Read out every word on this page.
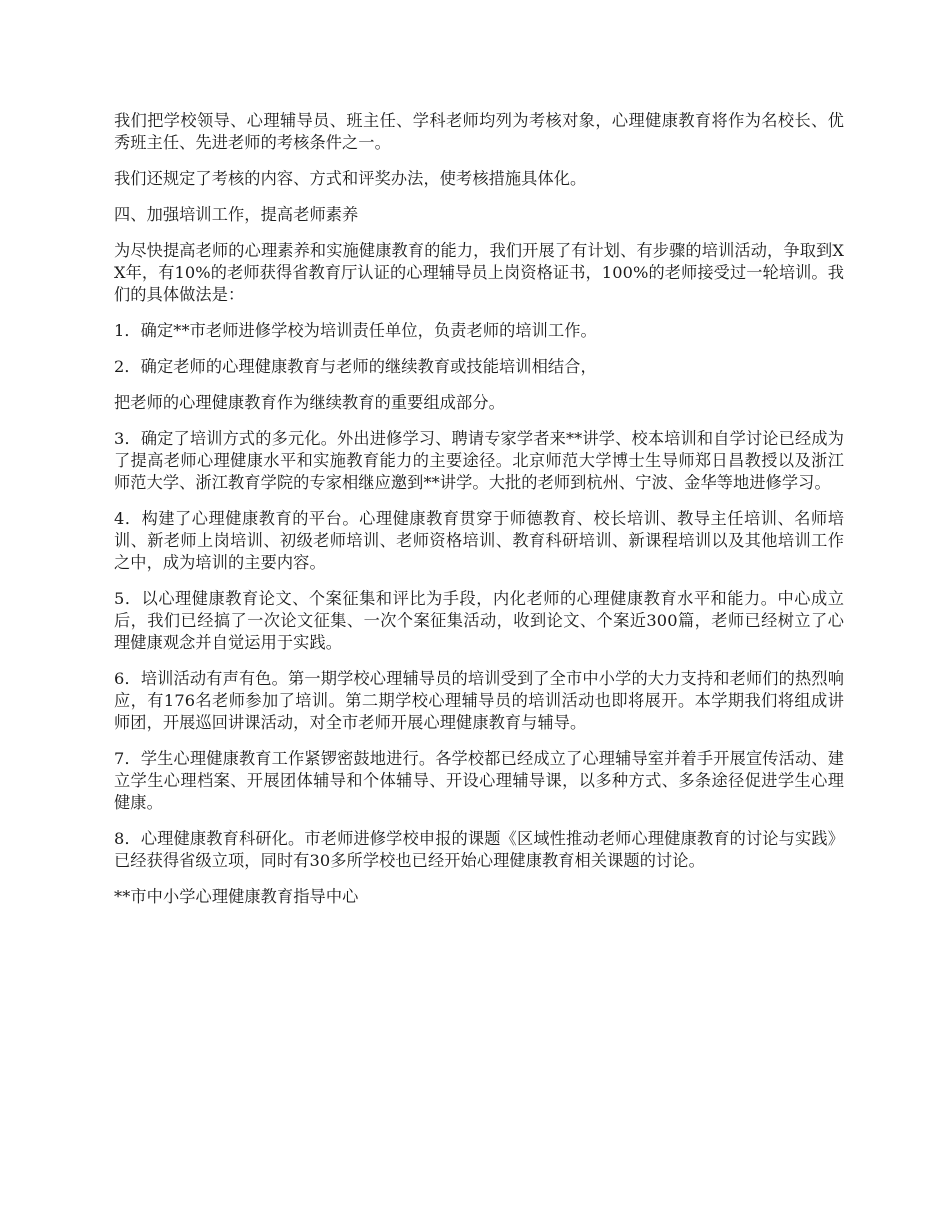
我们把学校领导、心理辅导员、班主任、学科老师均列为考核对象，心理健康教育将作为名校长、优秀班主任、先进老师的考核条件之一。

我们还规定了考核的内容、方式和评奖办法，使考核措施具体化。

四、加强培训工作，提高老师素养

为尽快提高老师的心理素养和实施健康教育的能力，我们开展了有计划、有步骤的培训活动，争取到XX年，有10%的老师获得省教育厅认证的心理辅导员上岗资格证书，100%的老师接受过一轮培训。我们的具体做法是：

1．确定**市老师进修学校为培训责任单位，负责老师的培训工作。

2．确定老师的心理健康教育与老师的继续教育或技能培训相结合，

把老师的心理健康教育作为继续教育的重要组成部分。

3．确定了培训方式的多元化。外出进修学习、聘请专家学者来**讲学、校本培训和自学讨论已经成为了提高老师心理健康水平和实施教育能力的主要途径。北京师范大学博士生导师郑日昌教授以及浙江师范大学、浙江教育学院的专家相继应邀到**讲学。大批的老师到杭州、宁波、金华等地进修学习。

4．构建了心理健康教育的平台。心理健康教育贯穿于师德教育、校长培训、教导主任培训、名师培训、新老师上岗培训、初级老师培训、老师资格培训、教育科研培训、新课程培训以及其他培训工作之中，成为培训的主要内容。

5．以心理健康教育论文、个案征集和评比为手段，内化老师的心理健康教育水平和能力。中心成立后，我们已经搞了一次论文征集、一次个案征集活动，收到论文、个案近300篇，老师已经树立了心理健康观念并自觉运用于实践。

6．培训活动有声有色。第一期学校心理辅导员的培训受到了全市中小学的大力支持和老师们的热烈响应，有176名老师参加了培训。第二期学校心理辅导员的培训活动也即将展开。本学期我们将组成讲师团，开展巡回讲课活动，对全市老师开展心理健康教育与辅导。

7．学生心理健康教育工作紧锣密鼓地进行。各学校都已经成立了心理辅导室并着手开展宣传活动、建立学生心理档案、开展团体辅导和个体辅导、开设心理辅导课，以多种方式、多条途径促进学生心理健康。

8．心理健康教育科研化。市老师进修学校申报的课题《区域性推动老师心理健康教育的讨论与实践》已经获得省级立项，同时有30多所学校也已经开始心理健康教育相关课题的讨论。

**市中小学心理健康教育指导中心
